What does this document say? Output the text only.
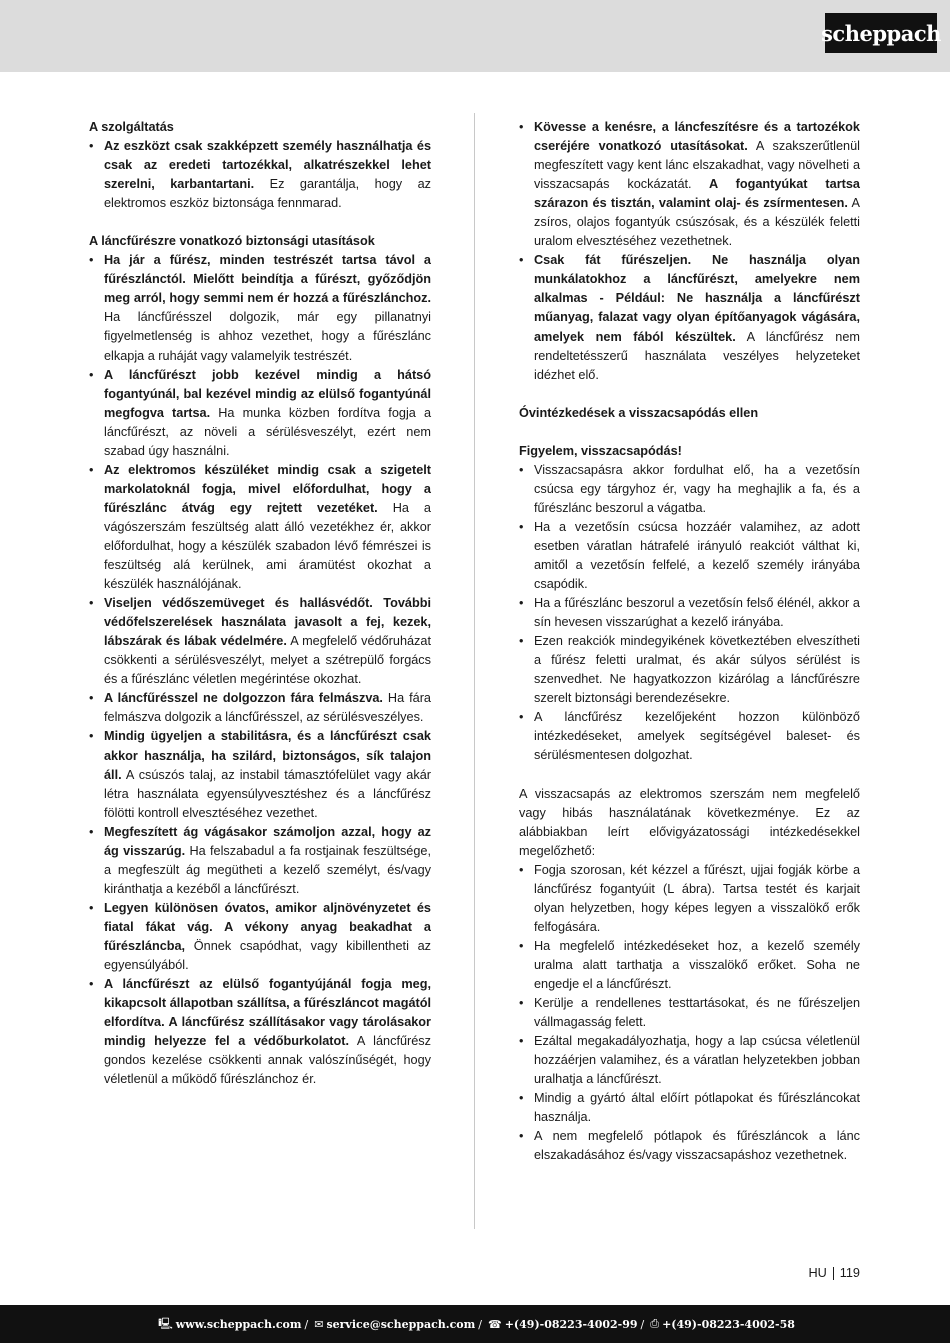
scheppach
A szolgáltatás
• Az eszközt csak szakképzett személy használhatja és csak az eredeti tartozékkal, alkatrészekkel lehet szerelni, karbantartani. Ez garantálja, hogy az elektromos eszköz biztonsága fennmarad.
A láncfűrészre vonatkozó biztonsági utasítások
• Ha jár a fűrész, minden testrészét tartsa távol a fűrészlánctól. Mielőtt beindítja a fűrészt, győződjön meg arról, hogy semmi nem ér hozzá a fűrészlánchoz. Ha láncfűrésszel dolgozik, már egy pillanatnyi figyelmetlenség is ahhoz vezethet, hogy a fűrészlánc elkapja a ruháját vagy valamelyik testrészét.
• A láncfűrészt jobb kezével mindig a hátsó fogantyúnál, bal kezével mindig az elülső fogantyúnál megfogva tartsa. Ha munka közben fordítva fogja a láncfűrészt, az növeli a sérülésveszélyt, ezért nem szabad úgy használni.
• Az elektromos készüléket mindig csak a szigetelt markolatoknál fogja, mivel előfordulhat, hogy a fűrészlánc átvág egy rejtett vezetéket. Ha a vágószerszám feszültség alatt álló vezetékhez ér, akkor előfordulhat, hogy a készülék szabadon lévő fémrészei is feszültség alá kerülnek, ami áramütést okozhat a készülék használójának.
• Viseljen védőszemüveget és hallásvédőt. További védőfelszerelések használata javasolt a fej, kezek, lábszárak és lábak védelmére. A megfelelő védőruházat csökkenti a sérülésveszélyt, melyet a szétrepülő forgács és a fűrészlánc véletlen megérintése okozhat.
• A láncfűrésszel ne dolgozzon fára felmászva. Ha fára felmászva dolgozik a láncfűrésszel, az sérülésveszélyes.
• Mindig ügyeljen a stabilitásra, és a láncfűrészt csak akkor használja, ha szilárd, biztonságos, sík talajon áll. A csúszós talaj, az instabil támasztófelület vagy akár létra használata egyensúlyvesztéshez és a láncfűrész fölötti kontroll elvesztéséhez vezethet.
• Megfeszített ág vágásakor számoljon azzal, hogy az ág visszarúg. Ha felszabadul a fa rostjainak feszültsége, a megfeszült ág megütheti a kezelő személyt, és/vagy kiránthatja a kezéből a láncfűrészt.
• Legyen különösen óvatos, amikor aljnövényzetet és fiatal fákat vág. A vékony anyag beakadhat a fűrészláncba, Önnek csapódhat, vagy kibillentheti az egyensúlyából.
• A láncfűrészt az elülső fogantyújánál fogja meg, kikapcsolt állapotban szállítsa, a fűrészláncot magától elfordítva. A láncfűrész szállításakor vagy tárolásakor mindig helyezze fel a védőburkolatot. A láncfűrész gondos kezelése csökkenti annak valószínűségét, hogy véletlenül a működő fűrészlánchoz ér.
• Kövesse a kenésre, a láncfeszítésre és a tartozékok cseréjére vonatkozó utasításokat. A szakszerűtlenül megfeszített vagy kent lánc elszakadhat, vagy növelheti a visszacsapás kockázatát. A fogantyúkat tartsa szárazon és tisztán, valamint olaj- és zsírmentesen. A zsíros, olajos fogantyúk csúszósak, és a készülék feletti uralom elvesztéséhez vezethetnek.
• Csak fát fűrészeljen. Ne használja olyan munkálatokhoz a láncfűrészt, amelyekre nem alkalmas - Például: Ne használja a láncfűrészt műanyag, falazat vagy olyan építőanyagok vágására, amelyek nem fából készültek. A láncfűrész nem rendeltetésszerű használata veszélyes helyzeteket idézhet elő.
Óvintézkedések a visszacsapódás ellen
Figyelem, visszacsapódás!
• Visszacsapásra akkor fordulhat elő, ha a vezetősín csúcsa egy tárgyhoz ér, vagy ha meghajlik a fa, és a fűrészlánc beszorul a vágatba.
• Ha a vezetősín csúcsa hozzáér valamihez, az adott esetben váratlan hátrafelé irányuló reakciót válthat ki, amitől a vezetősín felfelé, a kezelő személy irányába csapódik.
• Ha a fűrészlánc beszorul a vezetősín felső élénél, akkor a sín hevesen visszarúghat a kezelő irányába.
• Ezen reakciók mindegyikének következtében elveszítheti a fűrész feletti uralmat, és akár súlyos sérülést is szenvedhet. Ne hagyatkozzon kizárólag a láncfűrészre szerelt biztonsági berendezésekre.
• A láncfűrész kezelőjeként hozzon különböző intézkedéseket, amelyek segítségével baleset- és sérülésmentesen dolgozhat.
A visszacsapás az elektromos szerszám nem megfelelő vagy hibás használatának következménye. Ez az alábbiakban leírt elővigyázatossági intézkedésekkel megelőzhető:
• Fogja szorosan, két kézzel a fűrészt, ujjai fogják körbe a láncfűrész fogantyúit (L ábra). Tartsa testét és karjait olyan helyzetben, hogy képes legyen a visszalökő erők felfogására.
• Ha megfelelő intézkedéseket hoz, a kezelő személy uralma alatt tarthatja a visszalökő erőket. Soha ne engedje el a láncfűrészt.
• Kerülje a rendellenes testtartásokat, és ne fűrészeljen vállmagasság felett.
• Ezáltal megakadályozhatja, hogy a lap csúcsa véletlenül hozzáérjen valamihez, és a váratlan helyzetekben jobban uralhatja a láncfűrészt.
• Mindig a gyártó által előírt pótlapokat és fűrészláncokat használja.
• A nem megfelelő pótlapok és fűrészláncok a lánc elszakadásához és/vagy visszacsapáshoz vezethetnek.
HU 119
🖳 www.scheppach.com / ✉ service@scheppach.com / ☎ +(49)-08223-4002-99 / ⎙ +(49)-08223-4002-58
